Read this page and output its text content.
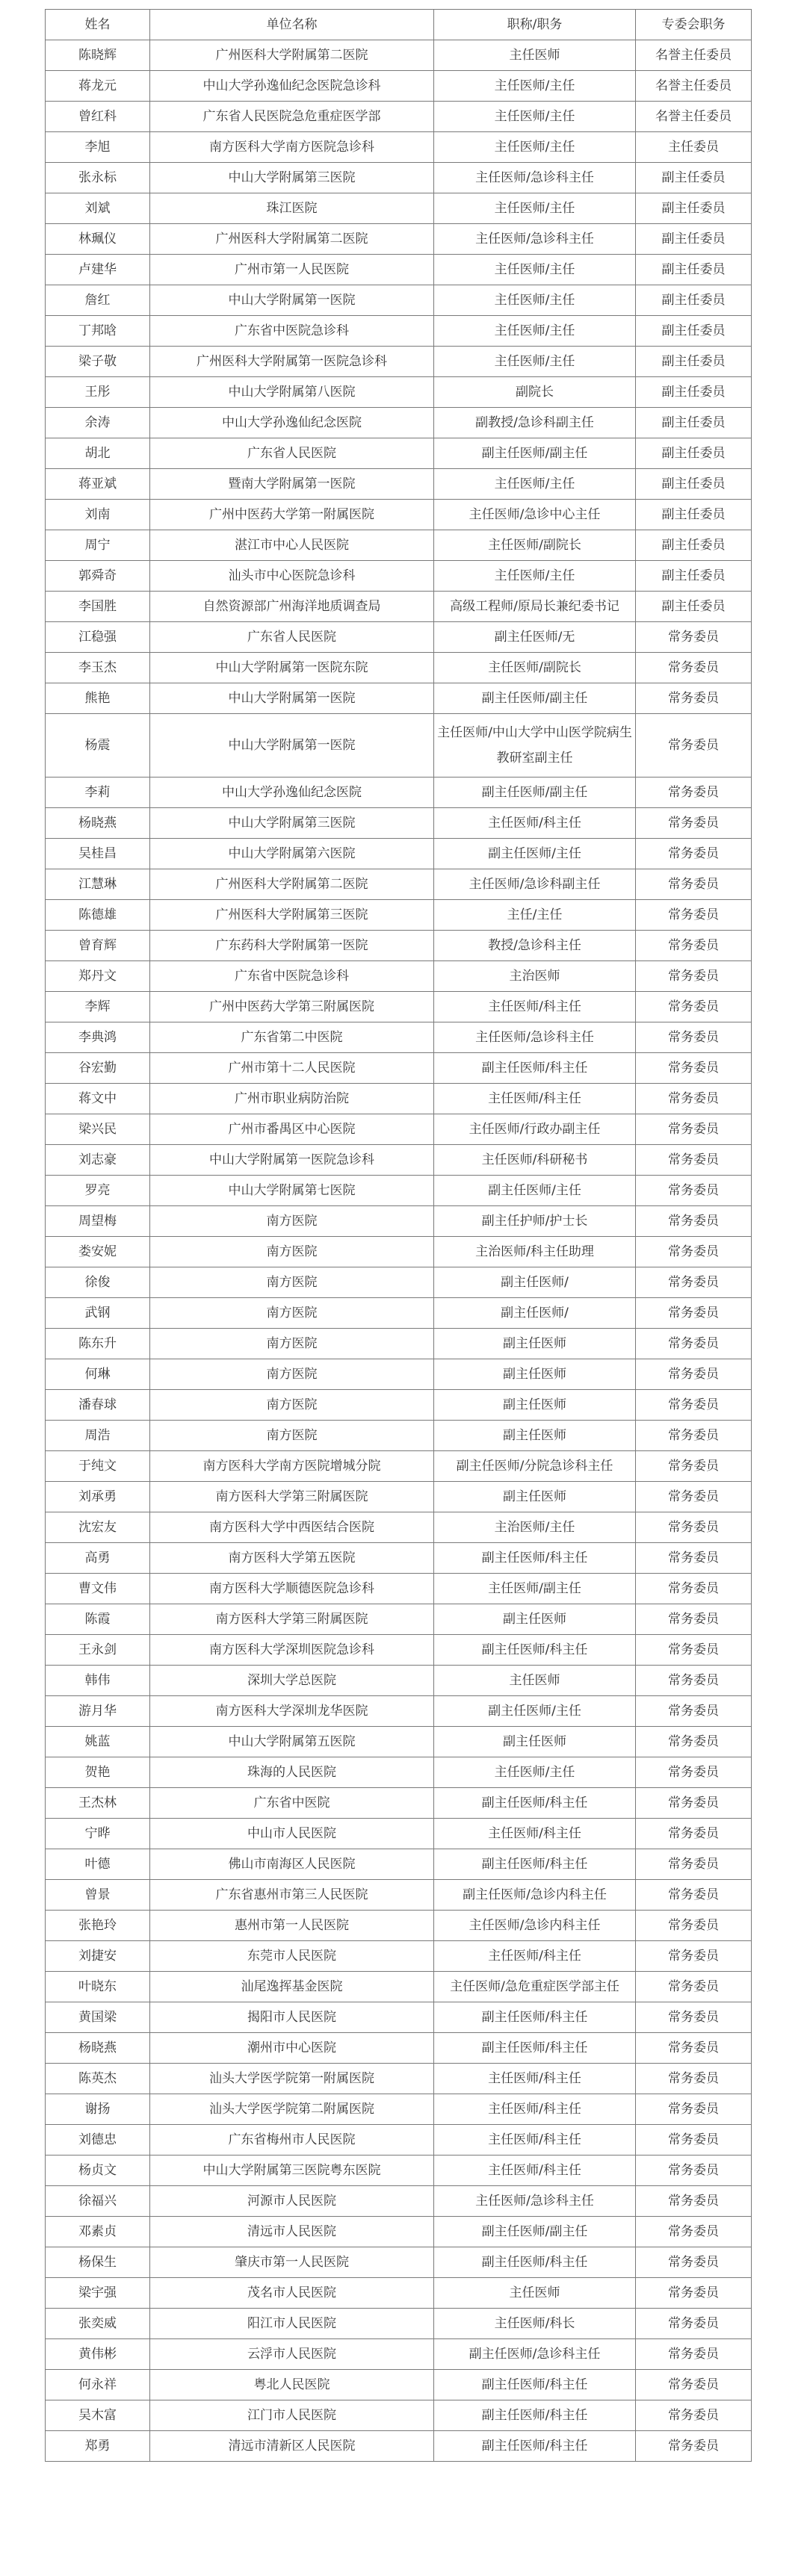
姓名	单位名称	职称/职务	专委会职务
陈晓辉	广州医科大学附属第二医院	主任医师	名誉主任委员
蒋龙元	中山大学孙逸仙纪念医院急诊科	主任医师/主任	名誉主任委员
曾红科	广东省人民医院急危重症医学部	主任医师/主任	名誉主任委员
李旭	南方医科大学南方医院急诊科	主任医师/主任	主任委员
张永标	中山大学附属第三医院	主任医师/急诊科主任	副主任委员
刘斌	珠江医院	主任医师/主任	副主任委员
林珮仪	广州医科大学附属第二医院	主任医师/急诊科主任	副主任委员
卢建华	广州市第一人民医院	主任医师/主任	副主任委员
詹红	中山大学附属第一医院	主任医师/主任	副主任委员
丁邦晗	广东省中医院急诊科	主任医师/主任	副主任委员
梁子敬	广州医科大学附属第一医院急诊科	主任医师/主任	副主任委员
王彤	中山大学附属第八医院	副院长	副主任委员
余涛	中山大学孙逸仙纪念医院	副教授/急诊科副主任	副主任委员
胡北	广东省人民医院	副主任医师/副主任	副主任委员
蒋亚斌	暨南大学附属第一医院	主任医师/主任	副主任委员
刘南	广州中医药大学第一附属医院	主任医师/急诊中心主任	副主任委员
周宁	湛江市中心人民医院	主任医师/副院长	副主任委员
郭舜奇	汕头市中心医院急诊科	主任医师/主任	副主任委员
李国胜	自然资源部广州海洋地质调查局	高级工程师/原局长兼纪委书记	副主任委员
江稳强	广东省人民医院	副主任医师/无	常务委员
李玉杰	中山大学附属第一医院东院	主任医师/副院长	常务委员
熊艳	中山大学附属第一医院	副主任医师/副主任	常务委员
杨震	中山大学附属第一医院	主任医师/中山大学中山医学院病生教研室副主任	常务委员
李莉	中山大学孙逸仙纪念医院	副主任医师/副主任	常务委员
杨晓燕	中山大学附属第三医院	主任医师/科主任	常务委员
吴桂昌	中山大学附属第六医院	副主任医师/主任	常务委员
江慧琳	广州医科大学附属第二医院	主任医师/急诊科副主任	常务委员
陈德雄	广州医科大学附属第三医院	主任/主任	常务委员
曾育辉	广东药科大学附属第一医院	教授/急诊科主任	常务委员
郑丹文	广东省中医院急诊科	主治医师	常务委员
李辉	广州中医药大学第三附属医院	主任医师/科主任	常务委员
李典鸿	广东省第二中医院	主任医师/急诊科主任	常务委员
谷宏勤	广州市第十二人民医院	副主任医师/科主任	常务委员
蒋文中	广州市职业病防治院	主任医师/科主任	常务委员
梁兴民	广州市番禺区中心医院	主任医师/行政办副主任	常务委员
刘志豪	中山大学附属第一医院急诊科	主任医师/科研秘书	常务委员
罗亮	中山大学附属第七医院	副主任医师/主任	常务委员
周望梅	南方医院	副主任护师/护士长	常务委员
娄安妮	南方医院	主治医师/科主任助理	常务委员
徐俊	南方医院	副主任医师/	常务委员
武钢	南方医院	副主任医师/	常务委员
陈东升	南方医院	副主任医师	常务委员
何琳	南方医院	副主任医师	常务委员
潘春球	南方医院	副主任医师	常务委员
周浩	南方医院	副主任医师	常务委员
于纯文	南方医科大学南方医院增城分院	副主任医师/分院急诊科主任	常务委员
刘承勇	南方医科大学第三附属医院	副主任医师	常务委员
沈宏友	南方医科大学中西医结合医院	主治医师/主任	常务委员
高勇	南方医科大学第五医院	副主任医师/科主任	常务委员
曹文伟	南方医科大学顺德医院急诊科	主任医师/副主任	常务委员
陈霞	南方医科大学第三附属医院	副主任医师	常务委员
王永剑	南方医科大学深圳医院急诊科	副主任医师/科主任	常务委员
韩伟	深圳大学总医院	主任医师	常务委员
游月华	南方医科大学深圳龙华医院	副主任医师/主任	常务委员
姚蓝	中山大学附属第五医院	副主任医师	常务委员
贺艳	珠海的人民医院	主任医师/主任	常务委员
王杰林	广东省中医院	副主任医师/科主任	常务委员
宁晔	中山市人民医院	主任医师/科主任	常务委员
叶德	佛山市南海区人民医院	副主任医师/科主任	常务委员
曾景	广东省惠州市第三人民医院	副主任医师/急诊内科主任	常务委员
张艳玲	惠州市第一人民医院	主任医师/急诊内科主任	常务委员
刘捷安	东莞市人民医院	主任医师/科主任	常务委员
叶晓东	汕尾逸挥基金医院	主任医师/急危重症医学部主任	常务委员
黄国梁	揭阳市人民医院	副主任医师/科主任	常务委员
杨晓燕	潮州市中心医院	副主任医师/科主任	常务委员
陈英杰	汕头大学医学院第一附属医院	主任医师/科主任	常务委员
谢扬	汕头大学医学院第二附属医院	主任医师/科主任	常务委员
刘德忠	广东省梅州市人民医院	主任医师/科主任	常务委员
杨贞文	中山大学附属第三医院粤东医院	主任医师/科主任	常务委员
徐福兴	河源市人民医院	主任医师/急诊科主任	常务委员
邓素贞	清远市人民医院	副主任医师/副主任	常务委员
杨保生	肇庆市第一人民医院	副主任医师/科主任	常务委员
梁宇强	茂名市人民医院	主任医师	常务委员
张奕威	阳江市人民医院	主任医师/科长	常务委员
黄伟彬	云浮市人民医院	副主任医师/急诊科主任	常务委员
何永祥	粤北人民医院	副主任医师/科主任	常务委员
吴木富	江门市人民医院	副主任医师/科主任	常务委员
郑勇	清远市清新区人民医院	副主任医师/科主任	常务委员
